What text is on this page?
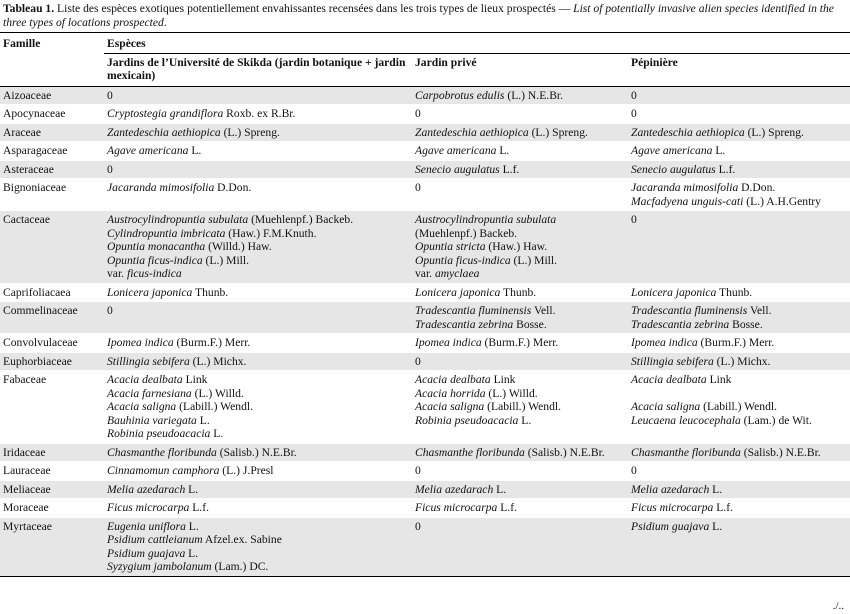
Tableau 1. Liste des espèces exotiques potentiellement envahissantes recensées dans les trois types de lieux prospectés — List of potentially invasive alien species identified in the three types of locations prospected.
Famille	Espèces		
	Jardins de l’Université de Skikda (jardin botanique + jardin mexicain)	Jardin privé	Pépinière
Aizoaceae	0	Carpobrotus edulis (L.) N.E.Br.	0

Apocynaceae	Cryptostegia grandiflora Roxb. ex R.Br.	0	0

Araceae	Zantedeschia aethiopica (L.) Spreng.	Zantedeschia aethiopica (L.) Spreng.	Zantedeschia aethiopica (L.) Spreng.

Asparagaceae	Agave americana L.	Agave americana L.	Agave americana L.

Asteraceae	0	Senecio augulatus L.f.	Senecio augulatus L.f.

Bignoniaceae	Jacaranda mimosifolia D.Don.	0	Jacaranda mimosifolia D.Don.
Macfadyena unguis-cati (L.) A.H.Gentry

Cactaceae	Austrocylindropuntia subulata (Muehlenpf.) Backeb.
Cylindropuntia imbricata (Haw.) F.M.Knuth.
Opuntia monacantha (Willd.) Haw.
Opuntia ficus-indica (L.) Mill.
var. ficus-indica	Austrocylindropuntia subulata
(Muehlenpf.) Backeb.
Opuntia stricta (Haw.) Haw.
Opuntia ficus-indica (L.) Mill.
var. amyclaea	0

Caprifoliacaea	Lonicera japonica Thunb.	Lonicera japonica Thunb.	Lonicera japonica Thunb.

Commelinaceae	0	Tradescantia fluminensis Vell.
Tradescantia zebrina Bosse.	Tradescantia fluminensis Vell.
Tradescantia zebrina Bosse.

Convolvulaceae	Ipomea indica (Burm.F.) Merr.	Ipomea indica (Burm.F.) Merr.	Ipomea indica (Burm.F.) Merr.

Euphorbiaceae	Stillingia sebifera (L.) Michx.	0	Stillingia sebifera (L.) Michx.

Fabaceae	Acacia dealbata Link
Acacia farnesiana (L.) Willd.
Acacia saligna (Labill.) Wendl.
Bauhinia variegata L.
Robinia pseudoacacia L.	Acacia dealbata Link
Acacia horrida (L.) Willd.
Acacia saligna (Labill.) Wendl.
Robinia pseudoacacia L.	Acacia dealbata Link
Acacia saligna (Labill.) Wendl.
Leucaena leucocephala (Lam.) de Wit.

Iridaceae	Chasmanthe floribunda (Salisb.) N.E.Br.	Chasmanthe floribunda (Salisb.) N.E.Br.	Chasmanthe floribunda (Salisb.) N.E.Br.

Lauraceae	Cinnamomun camphora (L.) J.Presl	0	0

Meliaceae	Melia azedarach L.	Melia azedarach L.	Melia azedarach L.

Moraceae	Ficus microcarpa L.f.	Ficus microcarpa L.f.	Ficus microcarpa L.f.

Myrtaceae	Eugenia uniflora L.
Psidium cattleianum Afzel.ex. Sabine
Psidium guajava L.
Syzygium jambolanum (Lam.) DC.	0	Psidium guajava L.
./..
